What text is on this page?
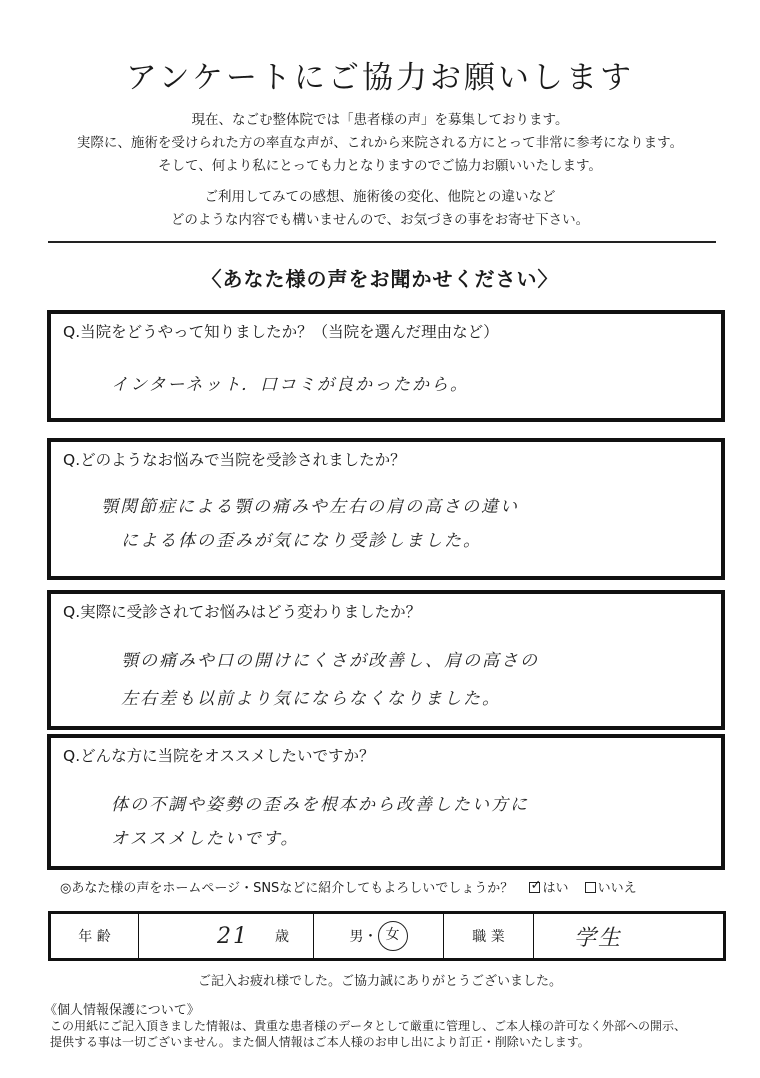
アンケートにご協力お願いします
現在、なごむ整体院では「患者様の声」を募集しております。
実際に、施術を受けられた方の率直な声が、これから来院される方にとって非常に参考になります。
そして、何より私にとっても力となりますのでご協力お願いいたします。
ご利用してみての感想、施術後の変化、他院との違いなど
どのような内容でも構いませんので、お気づきの事をお寄せ下さい。
〈あなた様の声をお聞かせください〉
Q.当院をどうやって知りましたか？（当院を選んだ理由など）
インターネット．口コミが良かったから。
Q.どのようなお悩みで当院を受診されましたか？
顎関節症による顎の痛みや左右の肩の高さの違い
による体の歪みが気になり受診しました。
Q.実際に受診されてお悩みはどう変わりましたか？
顎の痛みや口の開けにくさが改善し、肩の高さの
左右差も以前より気にならなくなりました。
Q.どんな方に当院をオススメしたいですか？
体の不調や姿勢の歪みを根本から改善したい方に
オススメしたいです。
◎あなた様の声をホームページ・SNSなどに紹介してもよろしいでしょうか？ ✓ はい いいえ
年 齢	21 歳	男 ・ 女	職 業	学生
ご記入お疲れ様でした。ご協力誠にありがとうございました。
《個人情報保護について》
この用紙にご記入頂きました情報は、貴重な患者様のデータとして厳重に管理し、ご本人様の許可なく外部への開示、
提供する事は一切ございません。また個人情報はご本人様のお申し出により訂正・削除いたします。
